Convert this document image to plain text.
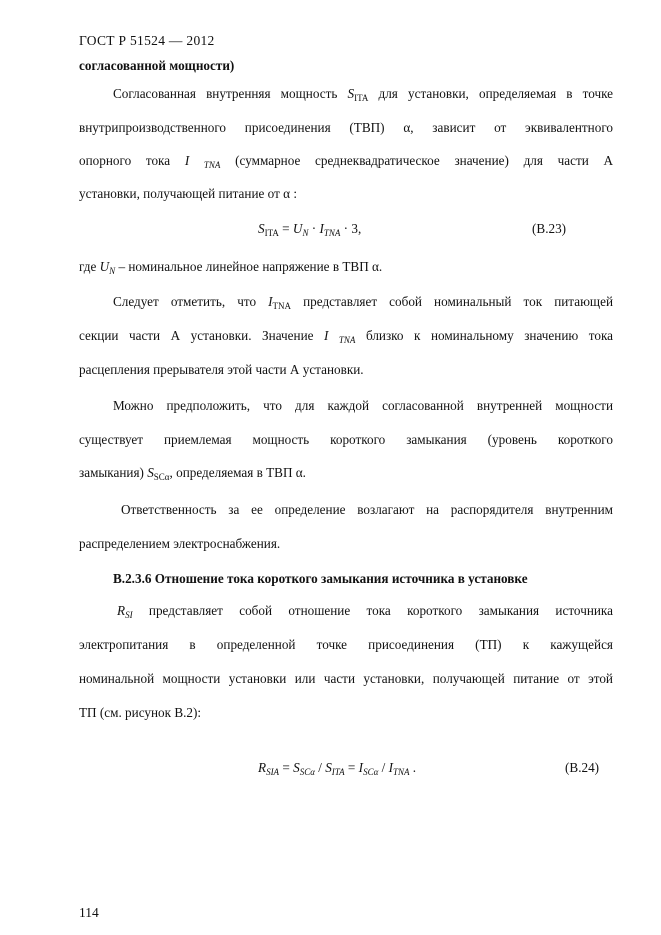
ГОСТ Р 51524 — 2012
согласованной мощности)
Согласованная внутренняя мощность $S_{ITA}$ для установки, определяемая в точке
внутрипроизводственного присоединения (ТВП) α, зависит от эквивалентного
опорного тока I $_{TNA}$ (суммарное среднеквадратическое значение) для части А
установки, получающей питание от α :
$S_{ITA} = U_N \cdot I_{TNA} \cdot 3$,	(B.23)
где $U_N$ – номинальное линейное напряжение в ТВП α.
Следует отметить, что $I_{TNA}$ представляет собой номинальный ток питающей
секции части А установки. Значение I $_{TNA}$ близко к номинальному значению тока
расцепления прерывателя этой части А установки.
Можно предположить, что для каждой согласованной внутренней мощности
существует приемлемая мощность короткого замыкания (уровень короткого
замыкания) $S_{SC\alpha}$, определяемая в ТВП α.
Ответственность за ее определение возлагают на распорядителя внутренним
распределением электроснабжения.
B.2.3.6 Отношение тока короткого замыкания источника в установке
$R_{SI}$ представляет собой отношение тока короткого замыкания источника
электропитания в определенной точке присоединения (ТП) к кажущейся
номинальной мощности установки или части установки, получающей питание от этой
ТП (см. рисунок B.2):
$R_{SIA} = S_{SC\alpha} / S_{ITA} = I_{SC\alpha} / I_{TNA}$ .	(B.24)
114
